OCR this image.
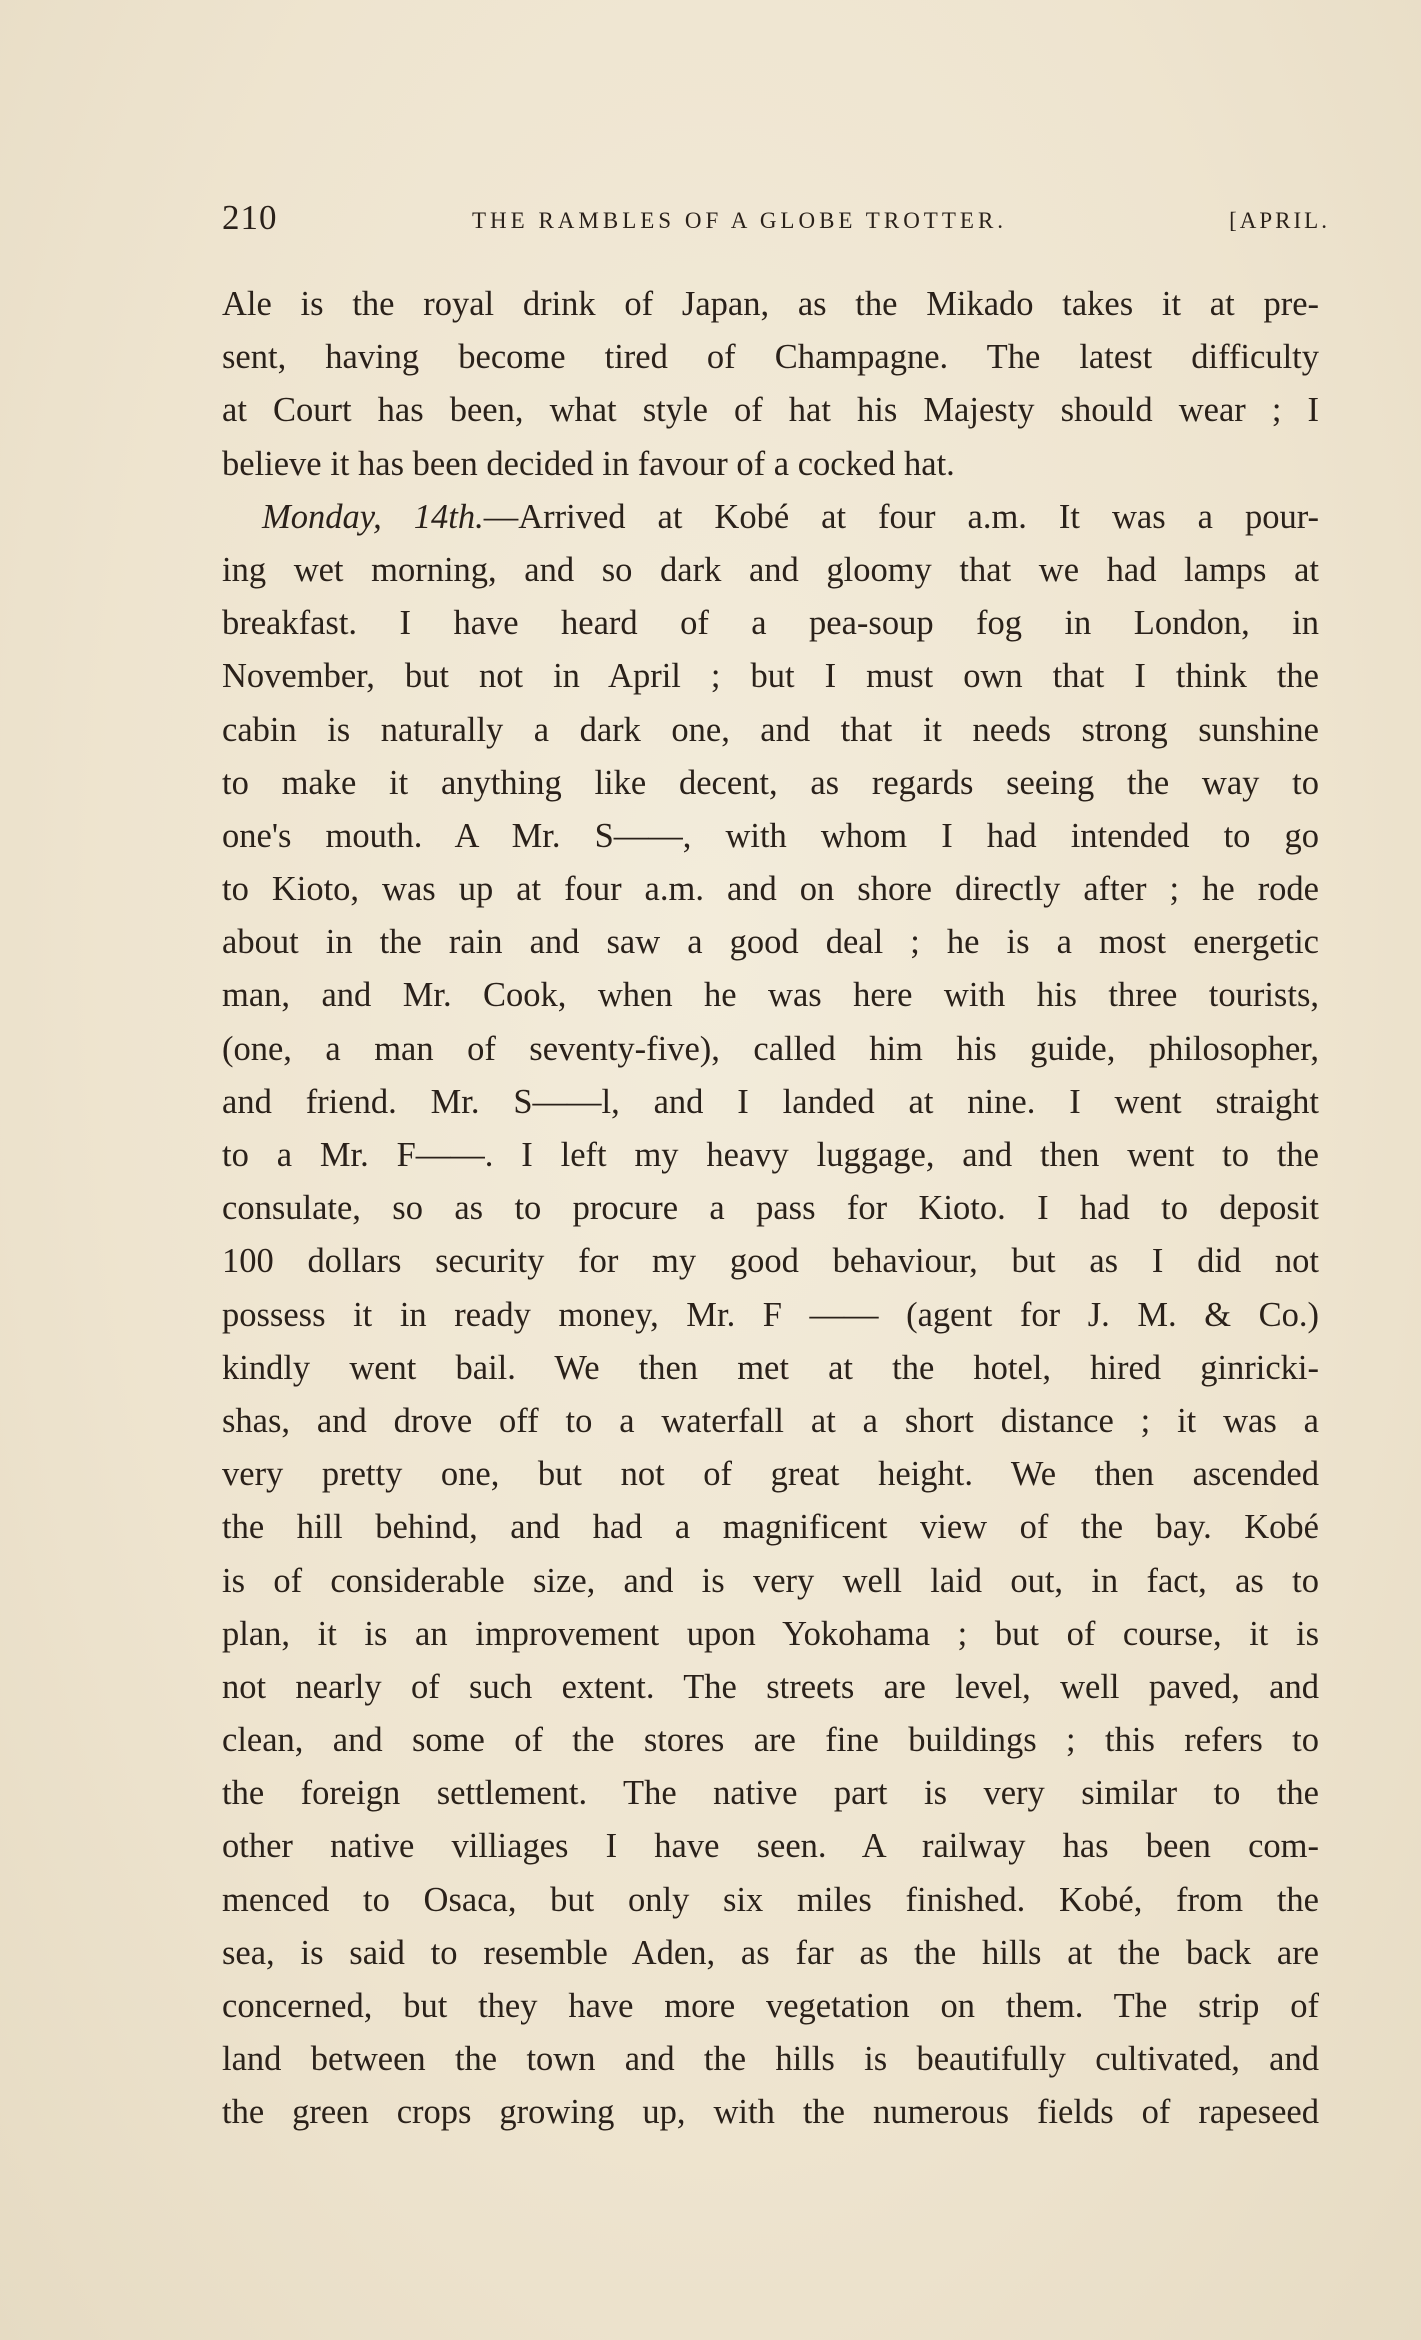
210	THE RAMBLES OF A GLOBE TROTTER.	[APRIL.
Ale is the royal drink of Japan, as the Mikado takes it at pre-
sent, having become tired of Champagne. The latest difficulty
at Court has been, what style of hat his Majesty should wear ; I
believe it has been decided in favour of a cocked hat.
Monday, 14th.—Arrived at Kobé at four a.m. It was a pour-
ing wet morning, and so dark and gloomy that we had lamps at
breakfast. I have heard of a pea-soup fog in London, in
November, but not in April ; but I must own that I think the
cabin is naturally a dark one, and that it needs strong sunshine
to make it anything like decent, as regards seeing the way to
one's mouth. A Mr. S——, with whom I had intended to go
to Kioto, was up at four a.m. and on shore directly after ; he rode
about in the rain and saw a good deal ; he is a most energetic
man, and Mr. Cook, when he was here with his three tourists,
(one, a man of seventy-five), called him his guide, philosopher,
and friend. Mr. S——l, and I landed at nine. I went straight
to a Mr. F——. I left my heavy luggage, and then went to the
consulate, so as to procure a pass for Kioto. I had to deposit
100 dollars security for my good behaviour, but as I did not
possess it in ready money, Mr. F —— (agent for J. M. & Co.)
kindly went bail. We then met at the hotel, hired ginricki-
shas, and drove off to a waterfall at a short distance ; it was a
very pretty one, but not of great height. We then ascended
the hill behind, and had a magnificent view of the bay. Kobé
is of considerable size, and is very well laid out, in fact, as to
plan, it is an improvement upon Yokohama ; but of course, it is
not nearly of such extent. The streets are level, well paved, and
clean, and some of the stores are fine buildings ; this refers to
the foreign settlement. The native part is very similar to the
other native villiages I have seen. A railway has been com-
menced to Osaca, but only six miles finished. Kobé, from the
sea, is said to resemble Aden, as far as the hills at the back are
concerned, but they have more vegetation on them. The strip of
land between the town and the hills is beautifully cultivated, and
the green crops growing up, with the numerous fields of rapeseed
